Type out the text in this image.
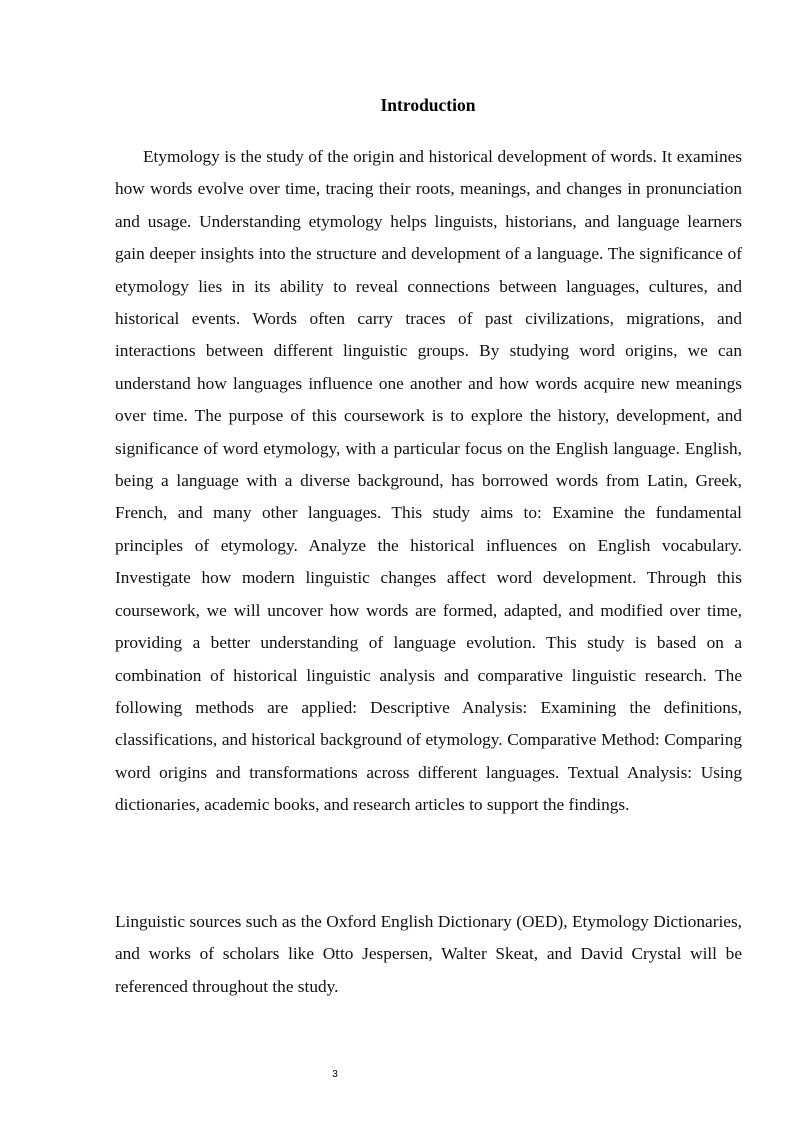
Introduction

Etymology is the study of the origin and historical development of words. It examines how words evolve over time, tracing their roots, meanings, and changes in pronunciation and usage. Understanding etymology helps linguists, historians, and language learners gain deeper insights into the structure and development of a language. The significance of etymology lies in its ability to reveal connections between languages, cultures, and historical events. Words often carry traces of past civilizations, migrations, and interactions between different linguistic groups. By studying word origins, we can understand how languages influence one another and how words acquire new meanings over time. The purpose of this coursework is to explore the history, development, and significance of word etymology, with a particular focus on the English language. English, being a language with a diverse background, has borrowed words from Latin, Greek, French, and many other languages. This study aims to: Examine the fundamental principles of etymology. Analyze the historical influences on English vocabulary. Investigate how modern linguistic changes affect word development. Through this coursework, we will uncover how words are formed, adapted, and modified over time, providing a better understanding of language evolution. This study is based on a combination of historical linguistic analysis and comparative linguistic research. The following methods are applied: Descriptive Analysis: Examining the definitions, classifications, and historical background of etymology. Comparative Method: Comparing word origins and transformations across different languages. Textual Analysis: Using dictionaries, academic books, and research articles to support the findings.

Linguistic sources such as the Oxford English Dictionary (OED), Etymology Dictionaries, and works of scholars like Otto Jespersen, Walter Skeat, and David Crystal will be referenced throughout the study.

3
